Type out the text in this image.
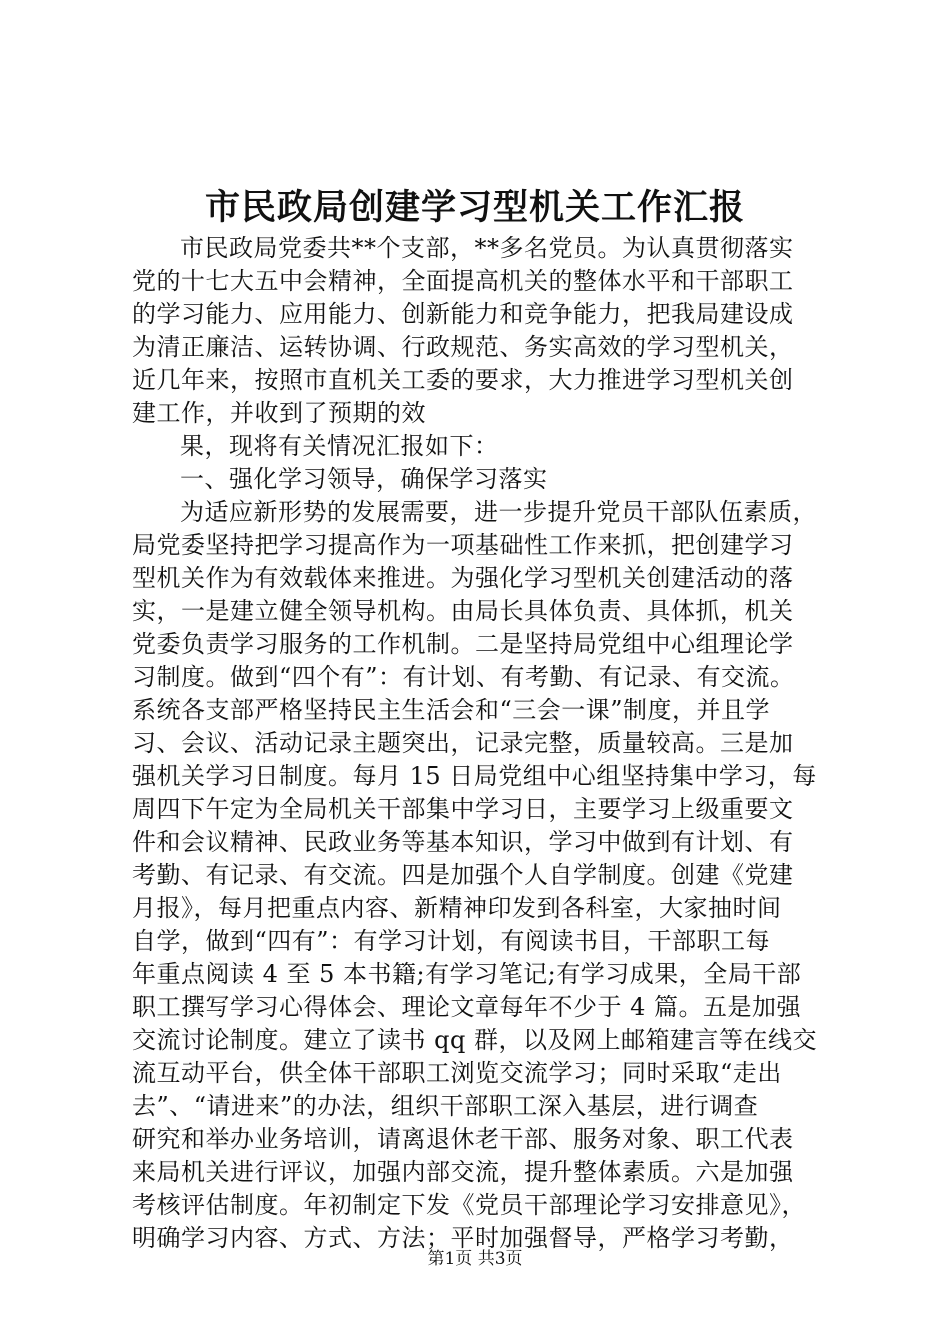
市民政局创建学习型机关工作汇报
市民政局党委共**个支部，**多名党员。为认真贯彻落实
党的十七大五中会精神，全面提高机关的整体水平和干部职工
的学习能力、应用能力、创新能力和竞争能力，把我局建设成
为清正廉洁、运转协调、行政规范、务实高效的学习型机关，
近几年来，按照市直机关工委的要求，大力推进学习型机关创
建工作，并收到了预期的效
果，现将有关情况汇报如下：
一、强化学习领导，确保学习落实
为适应新形势的发展需要，进一步提升党员干部队伍素质，
局党委坚持把学习提高作为一项基础性工作来抓，把创建学习
型机关作为有效载体来推进。为强化学习型机关创建活动的落
实，一是建立健全领导机构。由局长具体负责、具体抓，机关
党委负责学习服务的工作机制。二是坚持局党组中心组理论学
习制度。做到“四个有”：有计划、有考勤、有记录、有交流。
系统各支部严格坚持民主生活会和“三会一课”制度，并且学
习、会议、活动记录主题突出，记录完整，质量较高。三是加
强机关学习日制度。每月 15 日局党组中心组坚持集中学习，每
周四下午定为全局机关干部集中学习日，主要学习上级重要文
件和会议精神、民政业务等基本知识，学习中做到有计划、有
考勤、有记录、有交流。四是加强个人自学制度。创建《党建
月报》，每月把重点内容、新精神印发到各科室，大家抽时间
自学，做到“四有”：有学习计划，有阅读书目，干部职工每
年重点阅读 4 至 5 本书籍;有学习笔记;有学习成果，全局干部
职工撰写学习心得体会、理论文章每年不少于 4 篇。五是加强
交流讨论制度。建立了读书 qq 群，以及网上邮箱建言等在线交
流互动平台，供全体干部职工浏览交流学习；同时采取“走出
去”、“请进来”的办法，组织干部职工深入基层，进行调查
研究和举办业务培训，请离退休老干部、服务对象、职工代表
来局机关进行评议，加强内部交流，提升整体素质。六是加强
考核评估制度。年初制定下发《党员干部理论学习安排意见》，
明确学习内容、方式、方法；平时加强督导，严格学习考勤，
第1页 共3页
